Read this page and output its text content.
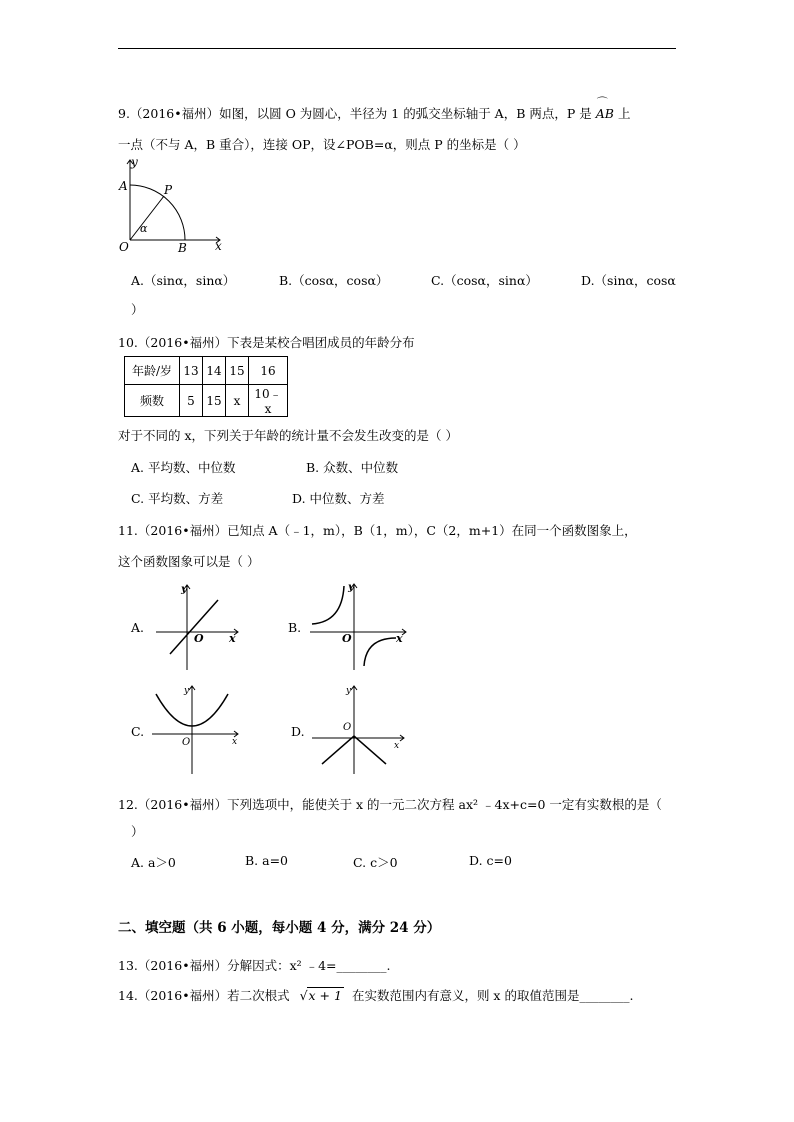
9.（2016•福州）如图，以圆 O 为圆心，半径为 1 的弧交坐标轴于 A，B 两点，P 是 ⌒ AB 上
一点（不与 A，B 重合），连接 OP，设∠POB=α，则点 P 的坐标是（ ）
y
A	P
α
O	B x
A.（sinα，sinα）	B.（cosα，cosα）	C.（cosα，sinα）	D.（sinα，cosα
）
10.（2016•福州）下表是某校合唱团成员的年龄分布
年龄/岁	13	14	15	16
频数	5	15	x	10﹣x
对于不同的 x，下列关于年龄的统计量不会发生改变的是（ ）
A. 平均数、中位数	B. 众数、中位数
C. 平均数、方差	D. 中位数、方差
11.（2016•福州）已知点 A（﹣1，m），B（1，m），C（2，m+1）在同一个函数图象上，
这个函数图象可以是（ ）
A.
y
O x
B.
y
O	x
C.
y
O	x
D.
y
O
x
12.（2016•福州）下列选项中，能使关于 x 的一元二次方程 ax² ﹣4x+c=0 一定有实数根的是（
）
A. a＞0	B. a=0	C. c＞0	D. c=0
二、填空题（共 6 小题，每小题 4 分，满分 24 分）
13.（2016•福州）分解因式：x² ﹣4=________.
14.（2016•福州）若二次根式 √x + 1 在实数范围内有意义，则 x 的取值范围是________.
